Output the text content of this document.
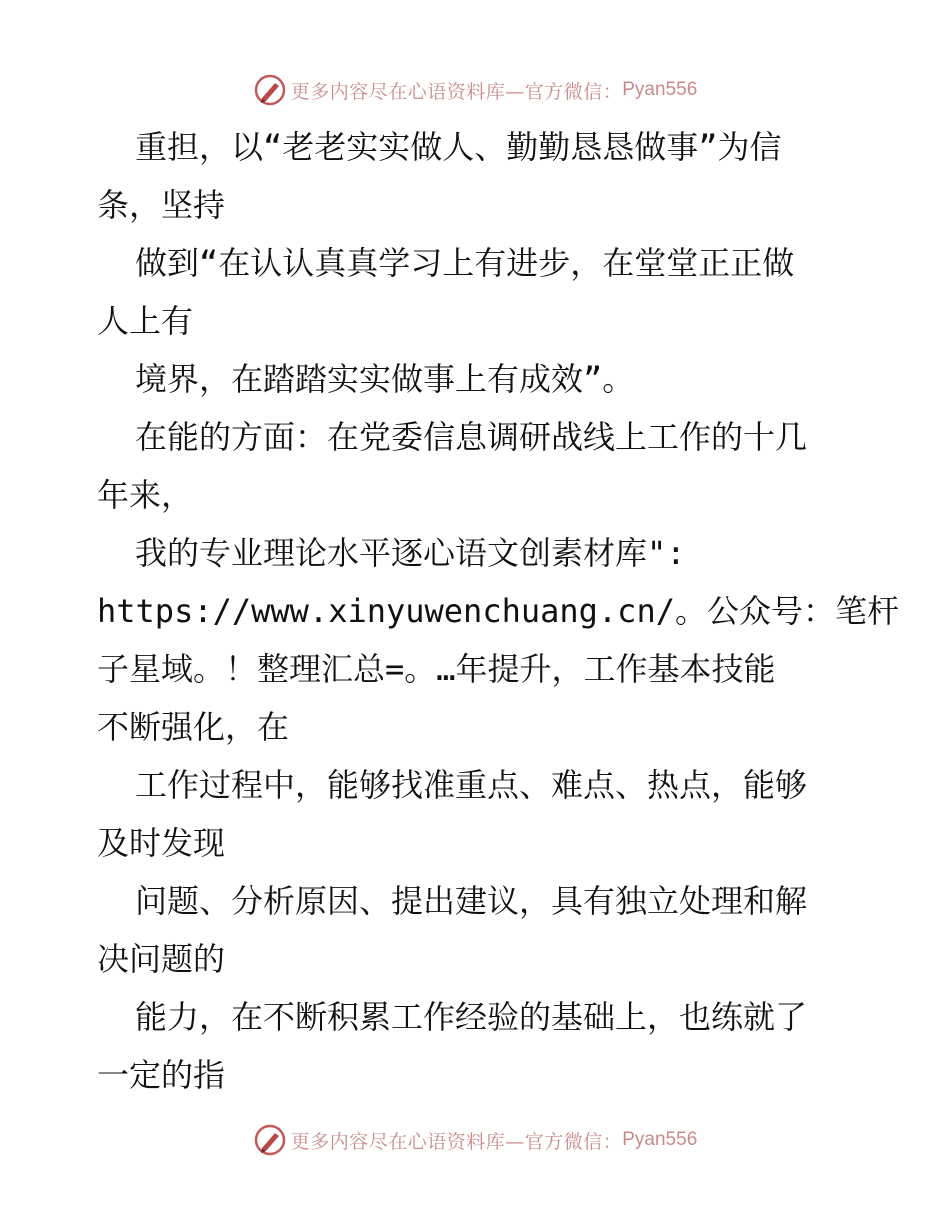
更多内容尽在心语资料库—官方微信： Pyan556
重担，以“老老实实做人、勤勤恳恳做事”为信
条，坚持
做到“在认认真真学习上有进步，在堂堂正正做
人上有
境界，在踏踏实实做事上有成效”。
在能的方面：在党委信息调研战线上工作的十几
年来，
我的专业理论水平逐心语文创素材库":
https://www.xinyuwenchuang.cn/。公众号：笔杆
子星域。！整理汇总=。…年提升，工作基本技能
不断强化，在
工作过程中，能够找准重点、难点、热点，能够
及时发现
问题、分析原因、提出建议，具有独立处理和解
决问题的
能力，在不断积累工作经验的基础上，也练就了
一定的指
更多内容尽在心语资料库—官方微信： Pyan556
